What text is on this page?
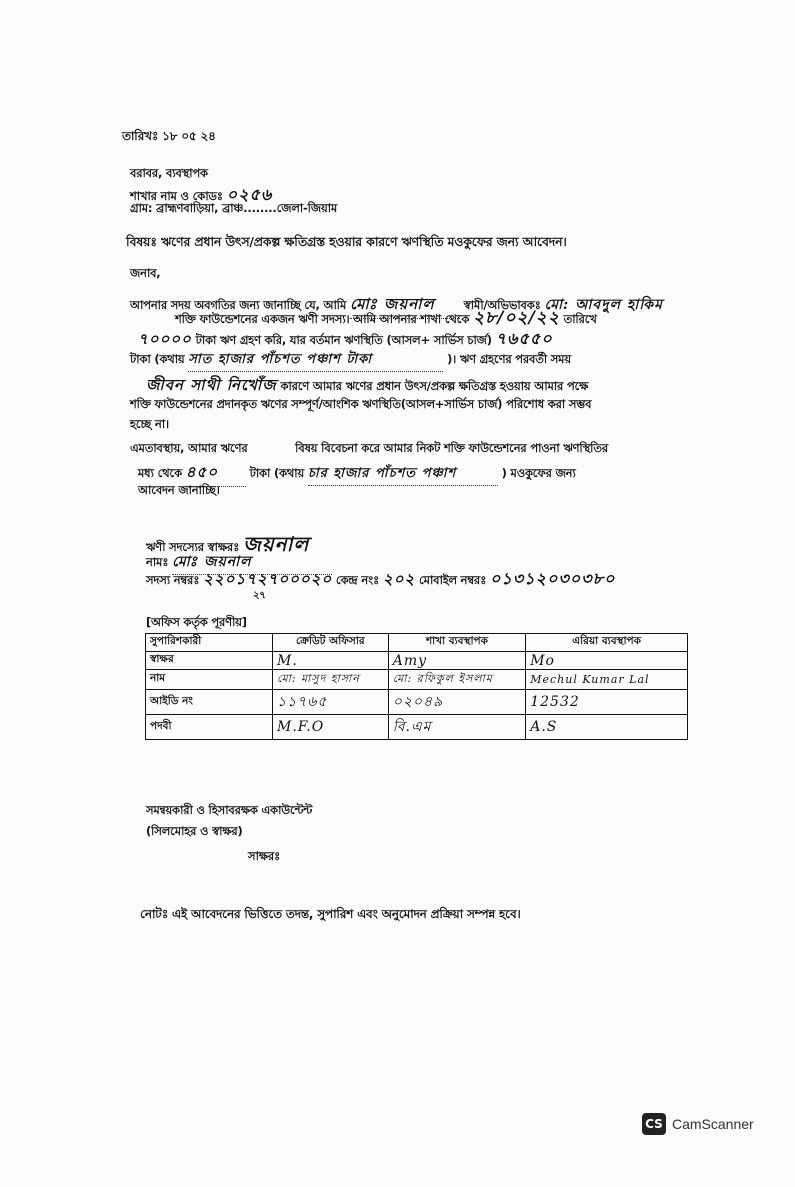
তারিখঃ ১৮ ০৫ ২৪
বরাবর, ব্যবস্থাপক
শাখার নাম ও কোডঃ ০২৫৬
গ্রাম: ব্রাহ্মণবাড়িয়া, ব্রাঞ্চ........জেলা-জিয়াম
বিষয়ঃ ঋণের প্রধান উৎস/প্রকল্প ক্ষতিগ্রস্ত হওয়ার কারণে ঋণস্থিতি মওকুফের জন্য আবেদন।
জনাব,
আপনার সদয় অবগতির জন্য জানাচ্ছি যে, আমি মোঃ জয়নাল	স্বামী/অভিভাবকঃ মো: আবদুল হাকিম
শক্তি ফাউন্ডেশনের একজন ঋণী সদস্য। আমি আপনার শাখা থেকে ২৮/০২/২২ তারিখে
৭০০০০ টাকা ঋণ গ্রহণ করি, যার বর্তমান ঋণস্থিতি (আসল+ সার্ভিস চার্জ) ৭৬৫৫০
টাকা (কথায় সাত হাজার পাঁচশত পঞ্চাশ টাকা	)। ঋণ গ্রহণের পরবর্তী সময়
জীবন সাথী নিখোঁজ কারণে আমার ঋণের প্রধান উৎস/প্রকল্প ক্ষতিগ্রস্ত হওয়ায় আমার পক্ষে
শক্তি ফাউন্ডেশনের প্রদানকৃত ঋণের সম্পূর্ণ/আংশিক ঋণস্থিতি(আসল+সার্ভিস চার্জ) পরিশোধ করা সম্ভব
হচ্ছে না।
এমতাবস্থায়, আমার ঋণের	বিষয় বিবেচনা করে আমার নিকট শক্তি ফাউন্ডেশনের পাওনা ঋণস্থিতির
মধ্য থেকে ৪৫০	টাকা (কথায় চার হাজার পাঁচশত পঞ্চাশ	) মওকুফের জন্য
আবেদন জানাচ্ছি।
ঋণী সদস্যের স্বাক্ষরঃ জয়নাল
নামঃ মোঃ জয়নাল
সদস্য নম্বরঃ ২২০১৭২৭০০০২০ কেন্দ্র নংঃ ২০২ মোবাইল নম্বরঃ ০১৩১২০৩০৩৮০
২৭
[অফিস কর্তৃক পূরণীয়]
সুপারিশকারী	ক্রেডিট অফিসার	শাখা ব্যবস্থাপক	এরিয়া ব্যবস্থাপক
স্বাক্ষর	M.	Amy	Mo
নাম	মো: মাসুদ হাসান	মো: রফিকুল ইসলাম	Mechul Kumar Lal
আইডি নং	১১৭৬৫	০২০৪৯	12532
পদবী	M.F.O	বি.এম	A.S
সমন্বয়কারী ও হিসাবরক্ষক একাউন্টেন্ট
(সিলমোহর ও স্বাক্ষর)
সাক্ষরঃ
নোটঃ এই আবেদনের ভিত্তিতে তদন্ত, সুপারিশ এবং অনুমোদন প্রক্রিয়া সম্পন্ন হবে।
CS CamScanner
